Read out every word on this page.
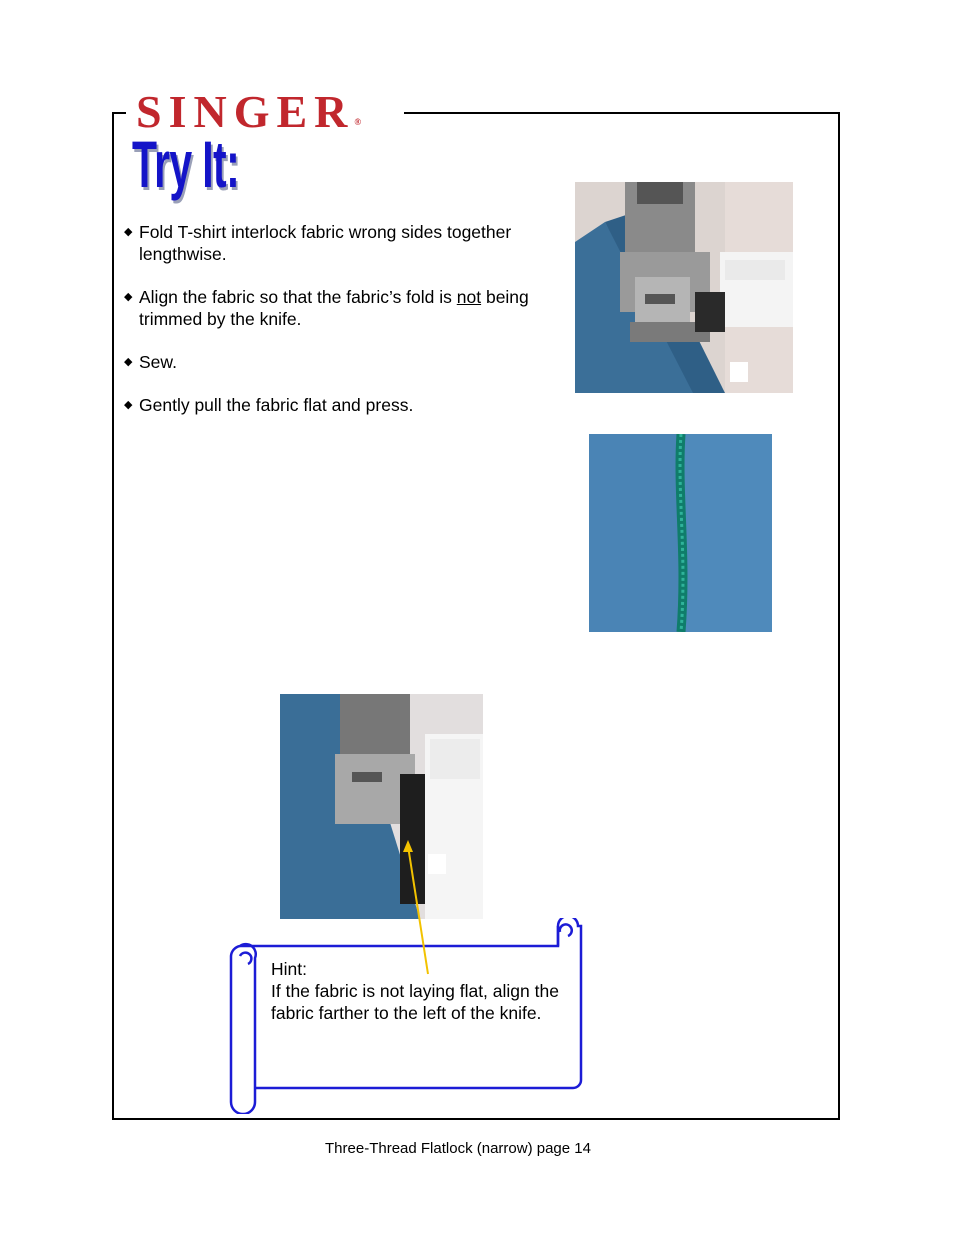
SINGER®
Try It:
◆ Fold T-shirt interlock fabric wrong sides together lengthwise.
◆ Align the fabric so that the fabric’s fold is not being trimmed by the knife.
◆ Sew.
◆ Gently pull the fabric flat and press.
Hint:
If the fabric is not laying flat, align the fabric farther to the left of the knife.
Three-Thread Flatlock (narrow) page 14
